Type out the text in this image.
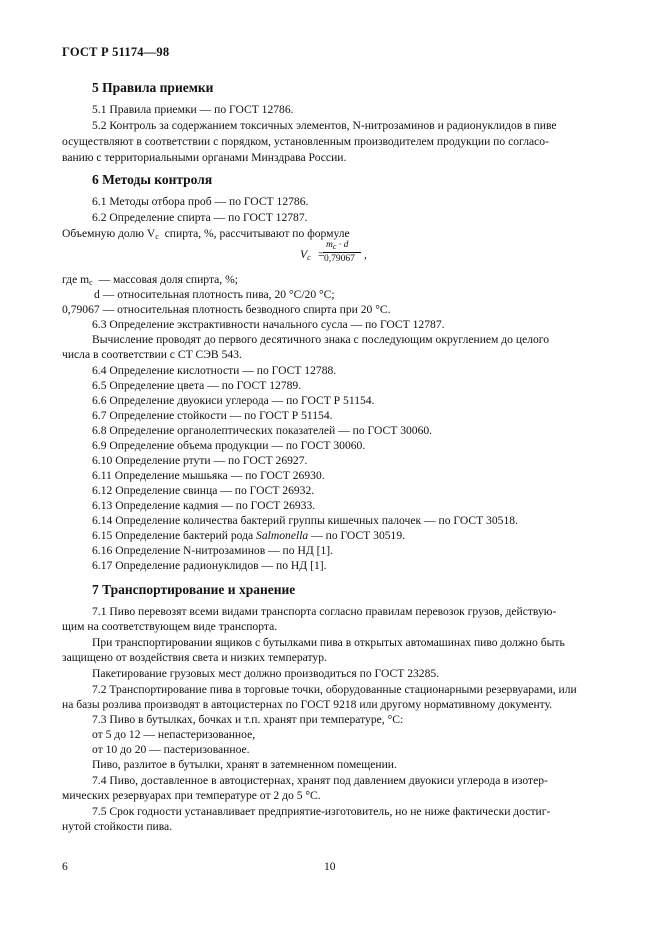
ГОСТ Р 51174—98
5 Правила приемки
5.1 Правила приемки — по ГОСТ 12786.
5.2 Контроль за содержанием токсичных элементов, N-нитрозаминов и радионуклидов в пиве
осуществляют в соответствии с порядком, установленным производителем продукции по согласо-
ванию с территориальными органами Минздрава России.
6 Методы контроля
6.1 Методы отбора проб — по ГОСТ 12786.
6.2 Определение спирта — по ГОСТ 12787.
Объемную долю $V_с$ спирта, %, рассчитывают по формуле
$V_с$ =
$m_с \cdot d$
0,79067 ,
где $m_с$ — массовая доля спирта, %;
d — относительная плотность пива, 20 °С/20 °С;
0,79067 — относительная плотность безводного спирта при 20 °С.
6.3 Определение экстрактивности начального сусла — по ГОСТ 12787.
Вычисление проводят до первого десятичного знака с последующим округлением до целого
числа в соответствии с СТ СЭВ 543.
6.4 Определение кислотности — по ГОСТ 12788.
6.5 Определение цвета — по ГОСТ 12789.
6.6 Определение двуокиси углерода — по ГОСТ Р 51154.
6.7 Определение стойкости — по ГОСТ Р 51154.
6.8 Определение органолептических показателей — по ГОСТ 30060.
6.9 Определение объема продукции — по ГОСТ 30060.
6.10 Определение ртути — по ГОСТ 26927.
6.11 Определение мышьяка — по ГОСТ 26930.
6.12 Определение свинца — по ГОСТ 26932.
6.13 Определение кадмия — по ГОСТ 26933.
6.14 Определение количества бактерий группы кишечных палочек — по ГОСТ 30518.
6.15 Определение бактерий рода Salmonella — по ГОСТ 30519.
6.16 Определение N-нитрозаминов — по НД [1].
6.17 Определение радионуклидов — по НД [1].
7 Транспортирование и хранение
7.1 Пиво перевозят всеми видами транспорта согласно правилам перевозок грузов, действую-
щим на соответствующем виде транспорта.
При транспортировании ящиков с бутылками пива в открытых автомашинах пиво должно быть
защищено от воздействия света и низких температур.
Пакетирование грузовых мест должно производиться по ГОСТ 23285.
7.2 Транспортирование пива в торговые точки, оборудованные стационарными резервуарами, или
на базы розлива производят в автоцистернах по ГОСТ 9218 или другому нормативному документу.
7.3 Пиво в бутылках, бочках и т.п. хранят при температуре, °С:
от 5 до 12 — непастеризованное,
от 10 до 20 — пастеризованное.
Пиво, разлитое в бутылки, хранят в затемненном помещении.
7.4 Пиво, доставленное в автоцистернах, хранят под давлением двуокиси углерода в изотер-
мических резервуарах при температуре от 2 до 5 °С.
7.5 Срок годности устанавливает предприятие-изготовитель, но не ниже фактически достиг-
нутой стойкости пива.
6	10
